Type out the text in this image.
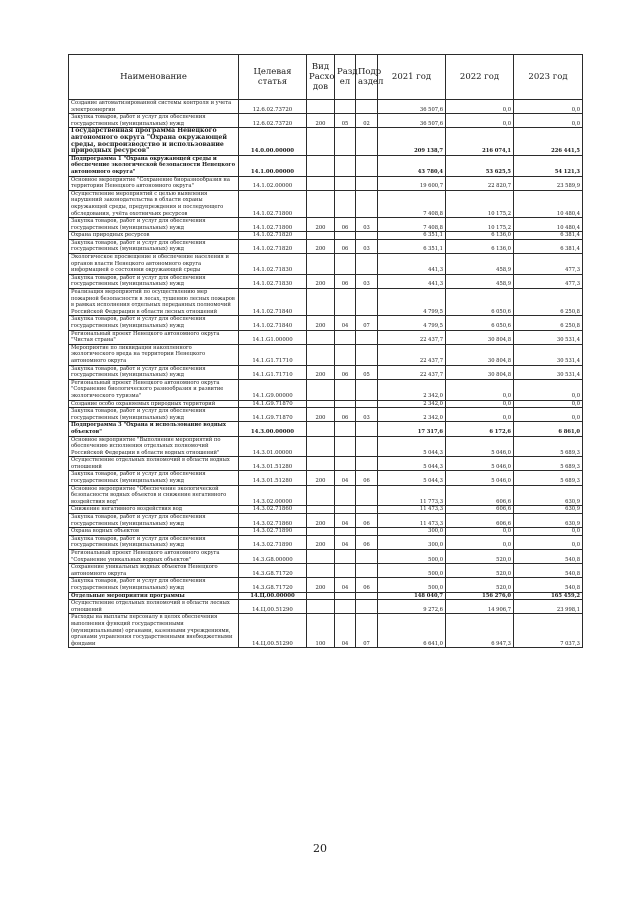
Наименование	Целевая статья	Вид Расхо дов	Разд ел	Подр аздел	2021 год	2022 год	2023 год
Создание автоматизированной системы контроля и учета электроэнергии	12.6.02.73720				36 507,6	0,0	0,0
Закупка товаров, работ и услуг для обеспечения государственных (муниципальных) нужд	12.6.02.73720	200	05	02	36 507,6	0,0	0,0
Государственная программа Ненецкого автономного округа "Охрана окружающей среды, воспроизводство и использование природных ресурсов"	14.0.00.00000				209 138,7	216 074,1	226 441,5
Подпрограмма 1 "Охрана окружающей среды и обеспечение экологической безопасности Ненецкого автономного округа"	14.1.00.00000				43 780,4	53 625,5	54 121,3
Основное мероприятие "Сохранение биоразнообразия на территории Ненецкого автономного округа"	14.1.02.00000				19 600,7	22 820,7	23 589,9
Осуществление мероприятий с целью выявления нарушений законодательства в области охраны окружающей среды, предупреждения и последующего обследования, учёта охотничьих ресурсов	14.1.02.71800				7 408,8	10 175,2	10 480,4
Закупка товаров, работ и услуг для обеспечения государственных (муниципальных) нужд	14.1.02.71800	200	06	03	7 408,8	10 175,2	10 480,4
Охрана природных ресурсов	14.1.02.71820				6 351,1	6 136,0	6 381,4
Закупка товаров, работ и услуг для обеспечения государственных (муниципальных) нужд	14.1.02.71820	200	06	03	6 351,1	6 136,0	6 381,4
Экологическое просвещение и обеспечение населения и органов власти Ненецкого автономного округа информацией о состоянии окружающей среды	14.1.02.71830				441,3	458,9	477,3
Закупка товаров, работ и услуг для обеспечения государственных (муниципальных) нужд	14.1.02.71830	200	06	03	441,3	458,9	477,3
Реализация мероприятий по осуществлению мер пожарной безопасности в лесах, тушению лесных пожаров в рамках исполнения отдельных переданных полномочий Российской Федерации в области лесных отношений	14.1.02.71840				4 799,5	6 050,6	6 250,8
Закупка товаров, работ и услуг для обеспечения государственных (муниципальных) нужд	14.1.02.71840	200	04	07	4 799,5	6 050,6	6 250,8
Региональный проект Ненецкого автономного округа "Чистая страна"	14.1.G1.00000				22 437,7	30 804,8	30 531,4
Мероприятие по ликвидации накопленного экологического вреда на территории Ненецкого автономного округа	14.1.G1.71710				22 437,7	30 804,8	30 531,4
Закупка товаров, работ и услуг для обеспечения государственных (муниципальных) нужд	14.1.G1.71710	200	06	05	22 437,7	30 804,8	30 531,4
Региональный проект Ненецкого автономного округа "Сохранение биологического разнообразия и развитие экологического туризма"	14.1.G9.00000				2 342,0	0,0	0,0
Создание особо охраняемых природных территорий	14.1.G9.71870				2 342,0	0,0	0,0
Закупка товаров, работ и услуг для обеспечения государственных (муниципальных) нужд	14.1.G9.71870	200	06	03	2 342,0	0,0	0,0
Подпрограмма 3 "Охрана и использование водных объектов"	14.3.00.00000				17 317,6	6 172,6	6 861,0
Основное мероприятие "Выполнение мероприятий по обеспечению исполнения отдельных полномочий Российской Федерации в области водных отношений"	14.3.01.00000				5 044,3	5 046,0	5 689,3
Осуществление отдельных полномочий в области водных отношений	14.3.01.51280				5 044,3	5 046,0	5 689,3
Закупка товаров, работ и услуг для обеспечения государственных (муниципальных) нужд	14.3.01.51280	200	04	06	5 044,3	5 046,0	5 689,3
Основное мероприятие "Обеспечение экологической безопасности водных объектов и снижение негативного воздействия вод"	14.3.02.00000				11 773,3	606,6	630,9
Снижение негативного воздействия вод	14.3.02.71860				11 473,3	606,6	630,9
Закупка товаров, работ и услуг для обеспечения государственных (муниципальных) нужд	14.3.02.71860	200	04	06	11 473,3	606,6	630,9
Охрана водных объектов	14.3.02.71890				300,0	0,0	0,0
Закупка товаров, работ и услуг для обеспечения государственных (муниципальных) нужд	14.3.02.71890	200	04	06	300,0	0,0	0,0
Региональный проект Ненецкого автономного округа "Сохранение уникальных водных объектов"	14.3.G8.00000				500,0	520,0	540,8
Сохранение уникальных водных объектов Ненецкого автономного округа	14.3.G8.71720				500,0	520,0	540,8
Закупка товаров, работ и услуг для обеспечения государственных (муниципальных) нужд	14.3.G8.71720	200	04	06	500,0	520,0	540,8
Отдельные мероприятия программы	14.Ц.00.00000				148 040,7	156 276,0	165 459,2
Осуществление отдельных полномочий в области лесных отношений	14.Ц.00.51290				9 272,6	14 906,7	23 998,1
Расходы на выплаты персоналу в целях обеспечения выполнения функций государственными (муниципальными) органами, казенными учреждениями, органами управления государственными внебюджетными фондами	14.Ц.00.51290	100	04	07	6 641,0	6 947,3	7 037,3
20
